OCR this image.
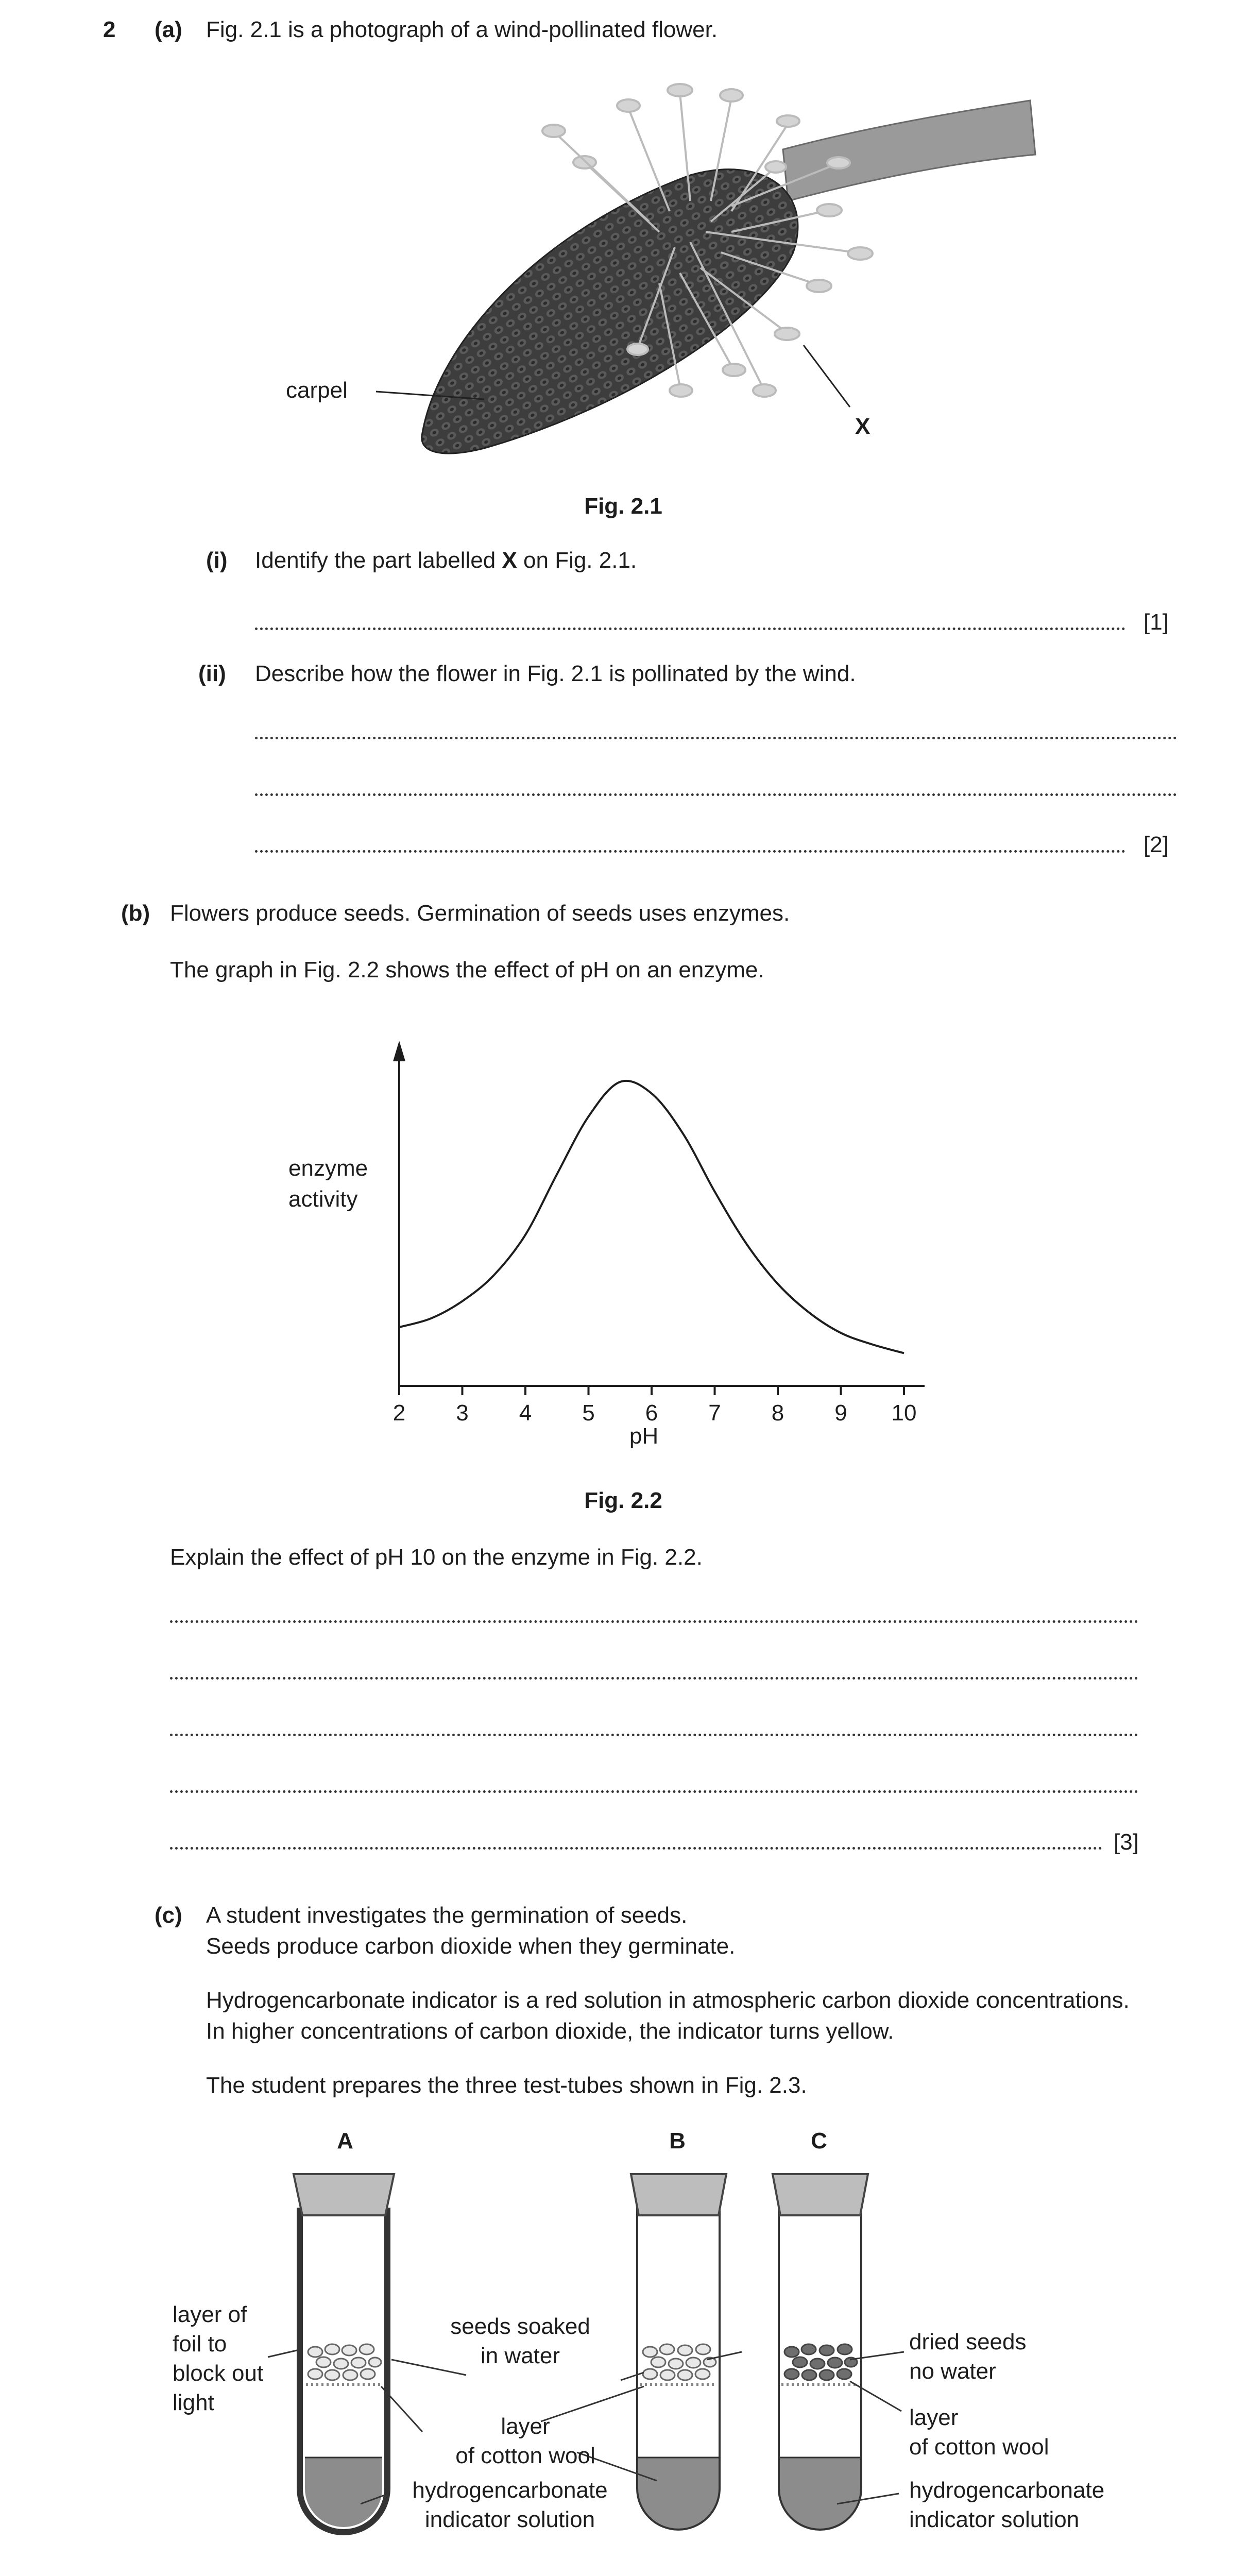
2 (a) Fig. 2.1 is a photograph of a wind-pollinated flower.
carpel
X
Fig. 2.1
(i) Identify the part labelled X on Fig. 2.1.
[1]
(ii) Describe how the flower in Fig. 2.1 is pollinated by the wind.
[2]
(b) Flowers produce seeds. Germination of seeds uses enzymes.
The graph in Fig. 2.2 shows the effect of pH on an enzyme.
enzyme
activity
pH
2	3	4	5	6	7	8	9	10
Fig. 2.2
Explain the effect of pH 10 on the enzyme in Fig. 2.2.
[3]
(c) A student investigates the germination of seeds.
Seeds produce carbon dioxide when they germinate.
Hydrogencarbonate indicator is a red solution in atmospheric carbon dioxide concentrations.
In higher concentrations of carbon dioxide, the indicator turns yellow.
The student prepares the three test-tubes shown in Fig. 2.3.
A	B	C
layer of
foil to
block out
light
seeds soaked
in water
layer
of cotton wool
hydrogencarbonate
indicator solution
dried seeds
no water
layer
of cotton wool
hydrogencarbonate
indicator solution
